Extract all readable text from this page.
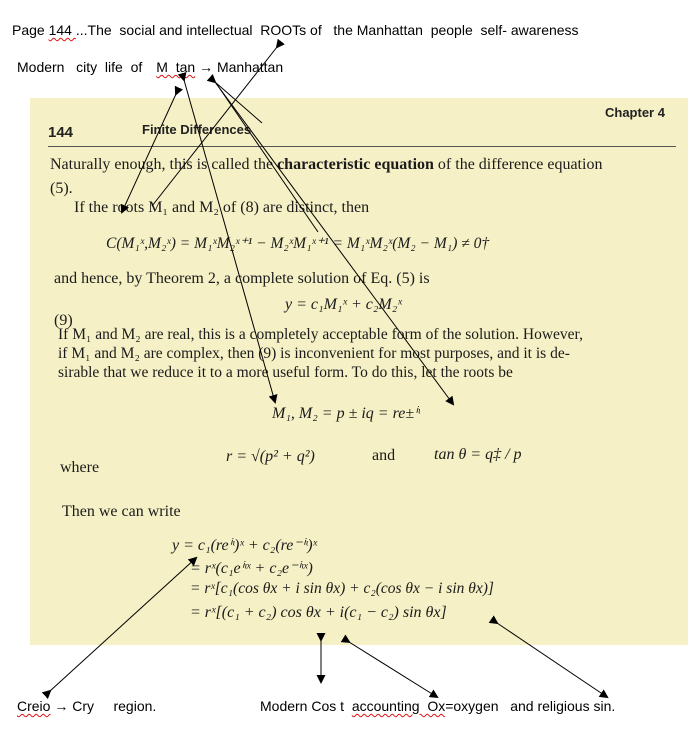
Page 144 ...The  social and intellectual  ROOTs of   the Manhattan  people  self- awareness
Modern   city  life  of M  tan → Manhattan
144	Finite Differences
Chapter 4
Naturally enough, this is called the characteristic equation of the difference equation
(5).
If the roots M₁ and M₂ of (8) are distinct, then
C(M₁ˣ,M₂ˣ) = M₁ˣM₂ˣ⁺¹ − M₂ˣM₁ˣ⁺¹ = M₁ˣM₂ˣ(M₂ − M₁) ≠ 0†
and hence, by Theorem 2, a complete solution of Eq. (5) is
(9)
y = c₁M₁ˣ + c₂M₂ˣ
If M₁ and M₂ are real, this is a completely acceptable form of the solution. However,
if M₁ and M₂ are complex, then (9) is inconvenient for most purposes, and it is de-
sirable that we reduce it to a more useful form. To do this, let the roots be
M₁, M₂ = p ± iq = re±ⁱᶥ
where
r = √(p² + q²)	and tan θ = q‡ / p
Then we can write
y = c₁(reⁱᶥ)ˣ + c₂(re⁻ⁱᶥ)ˣ
= rˣ(c₁eⁱᶥˣ + c₂e⁻ⁱᶥˣ)
= rˣ[c₁(cos θx + i sin θx) + c₂(cos θx − i sin θx)]
= rˣ[(c₁ + c₂) cos θx + i(c₁ − c₂) sin θx]
Creio → Cry     region.	Modern Cos t  accounting  Ox=oxygen   and religious sin.
